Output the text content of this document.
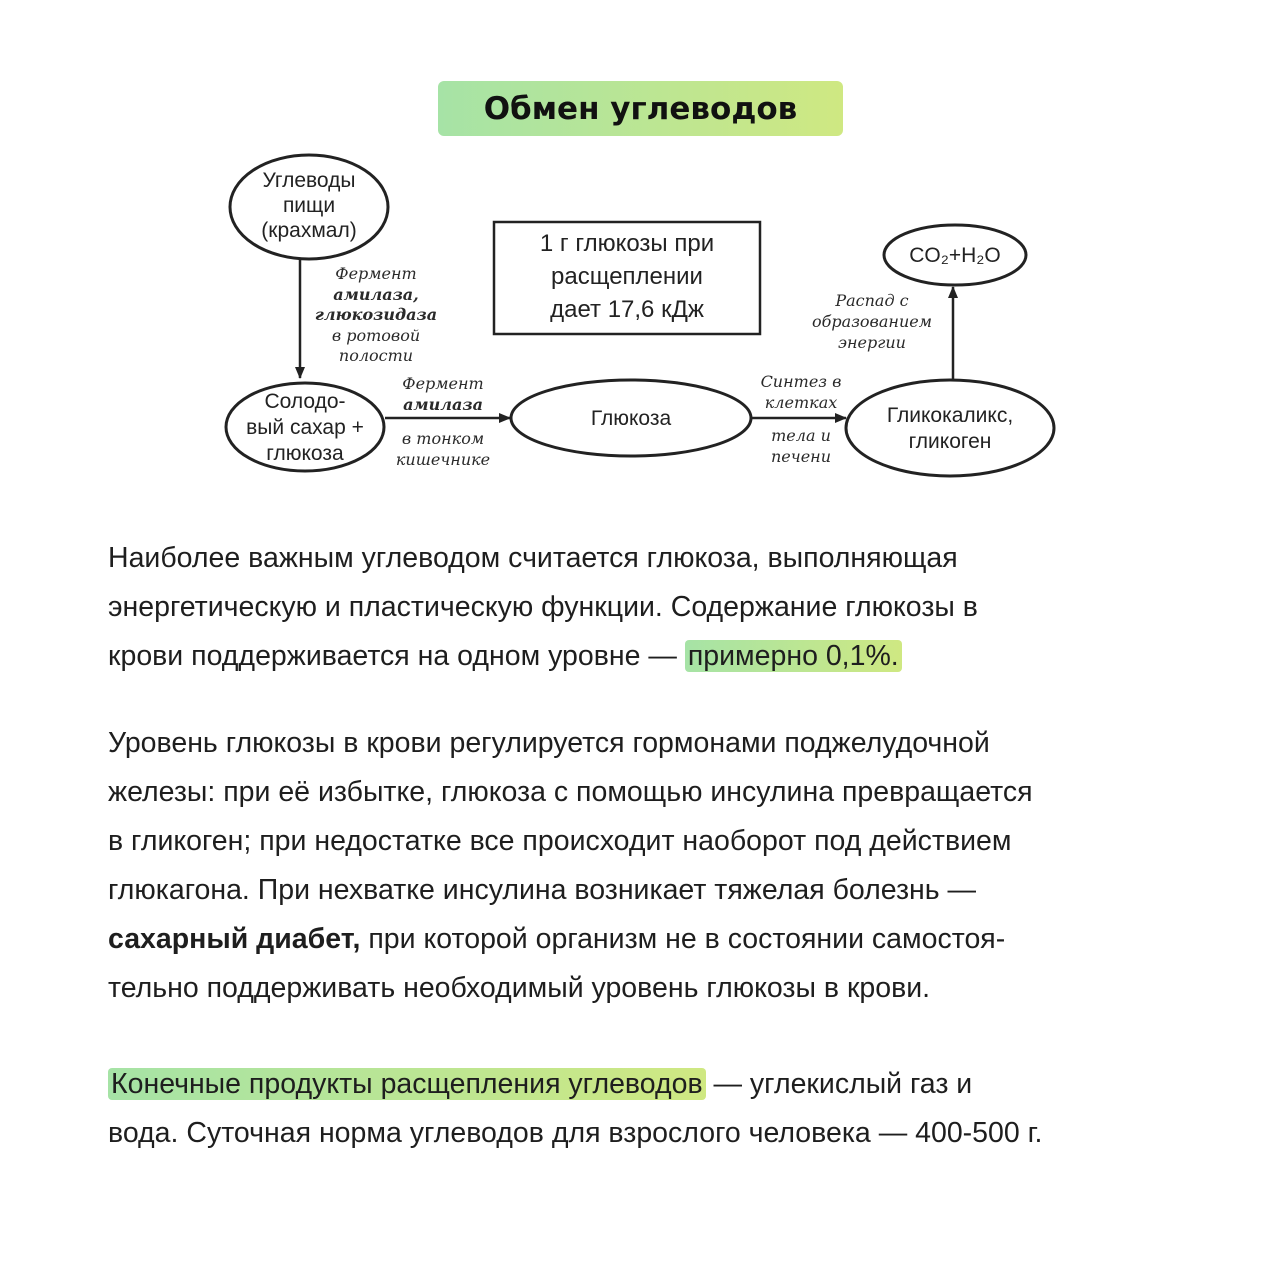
Обмен углеводов
Углеводы
пищи
(крахмал)
Фермент
амилаза,
глюкозидаза
в ротовой
полости
1 г глюкозы при
расщеплении
дает 17,6 кДж
CO₂+H₂O
Распад с
образованием
энергии
Солодо-
вый сахар +
глюкоза
Фермент
амилаза
в тонком
кишечнике
Глюкоза
Синтез в
клетках
тела и
печени
Гликокаликс,
гликоген
Наиболее важным углеводом считается глюкоза, выполняющая
энергетическую и пластическую функции. Содержание глюкозы в
крови поддерживается на одном уровне — примерно 0,1%.
Уровень глюкозы в крови регулируется гормонами поджелудочной
железы: при её избытке, глюкоза с помощью инсулина превращается
в гликоген; при недостатке все происходит наоборот под действием
глюкагона. При нехватке инсулина возникает тяжелая болезнь —
сахарный диабет, при которой организм не в состоянии самостоя-
тельно поддерживать необходимый уровень глюкозы в крови.
Конечные продукты расщепления углеводов — углекислый газ и
вода. Суточная норма углеводов для взрослого человека — 400-500 г.
